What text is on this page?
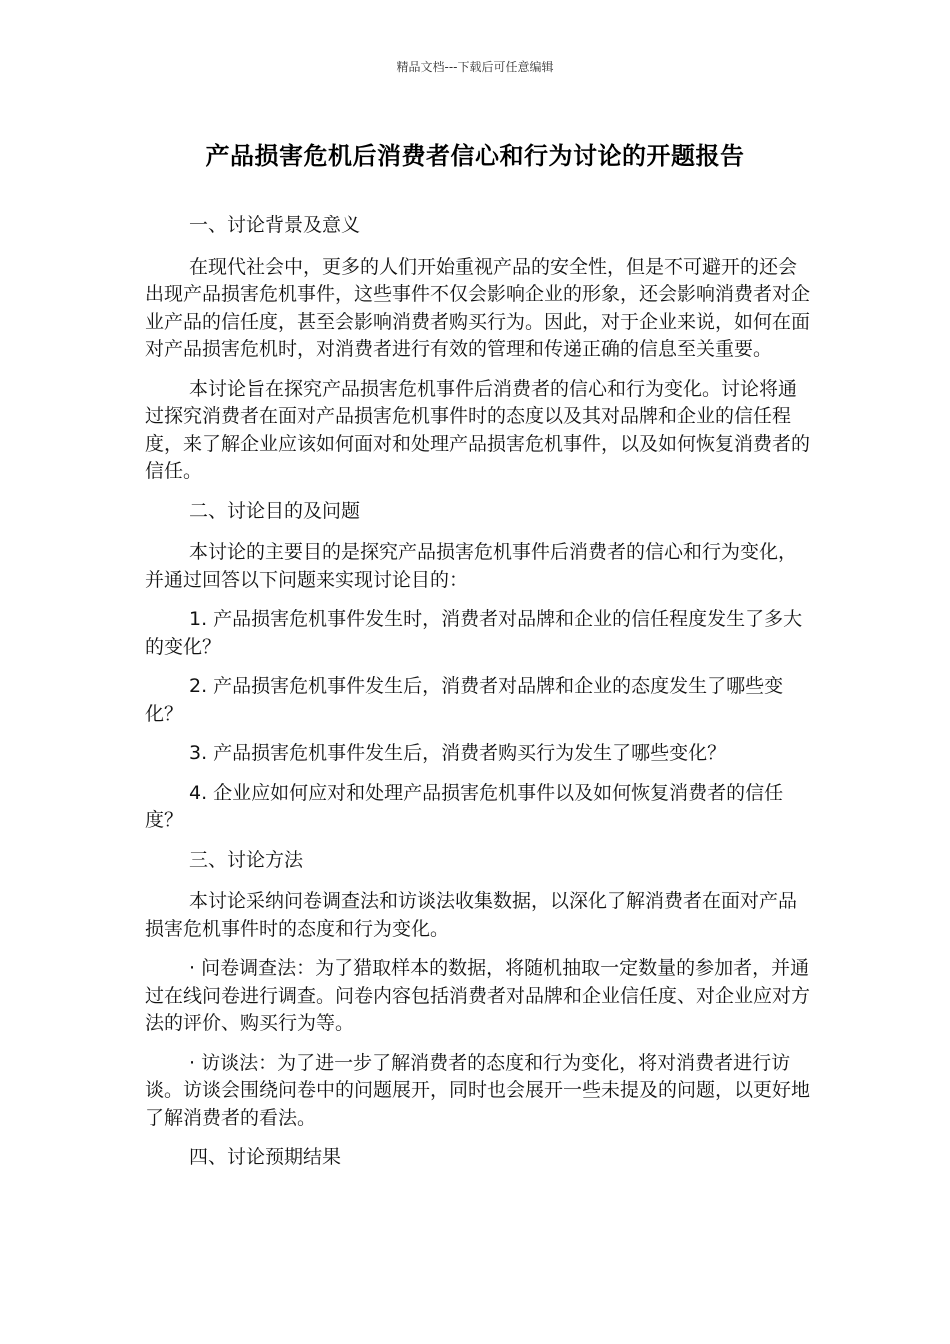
精品文档---下载后可任意编辑
产品损害危机后消费者信心和行为讨论的开题报告

一、讨论背景及意义

在现代社会中，更多的人们开始重视产品的安全性，但是不可避开的还会出现产品损害危机事件，这些事件不仅会影响企业的形象，还会影响消费者对企业产品的信任度，甚至会影响消费者购买行为。因此，对于企业来说，如何在面对产品损害危机时，对消费者进行有效的管理和传递正确的信息至关重要。

本讨论旨在探究产品损害危机事件后消费者的信心和行为变化。讨论将通过探究消费者在面对产品损害危机事件时的态度以及其对品牌和企业的信任程度，来了解企业应该如何面对和处理产品损害危机事件，以及如何恢复消费者的信任。

二、讨论目的及问题

本讨论的主要目的是探究产品损害危机事件后消费者的信心和行为变化，并通过回答以下问题来实现讨论目的：

1. 产品损害危机事件发生时，消费者对品牌和企业的信任程度发生了多大的变化？

2. 产品损害危机事件发生后，消费者对品牌和企业的态度发生了哪些变化？

3. 产品损害危机事件发生后，消费者购买行为发生了哪些变化？

4. 企业应如何应对和处理产品损害危机事件以及如何恢复消费者的信任度？

三、讨论方法

本讨论采纳问卷调查法和访谈法收集数据，以深化了解消费者在面对产品损害危机事件时的态度和行为变化。

· 问卷调查法：为了猎取样本的数据，将随机抽取一定数量的参加者，并通过在线问卷进行调查。问卷内容包括消费者对品牌和企业信任度、对企业应对方法的评价、购买行为等。

· 访谈法：为了进一步了解消费者的态度和行为变化，将对消费者进行访谈。访谈会围绕问卷中的问题展开，同时也会展开一些未提及的问题，以更好地了解消费者的看法。

四、讨论预期结果
